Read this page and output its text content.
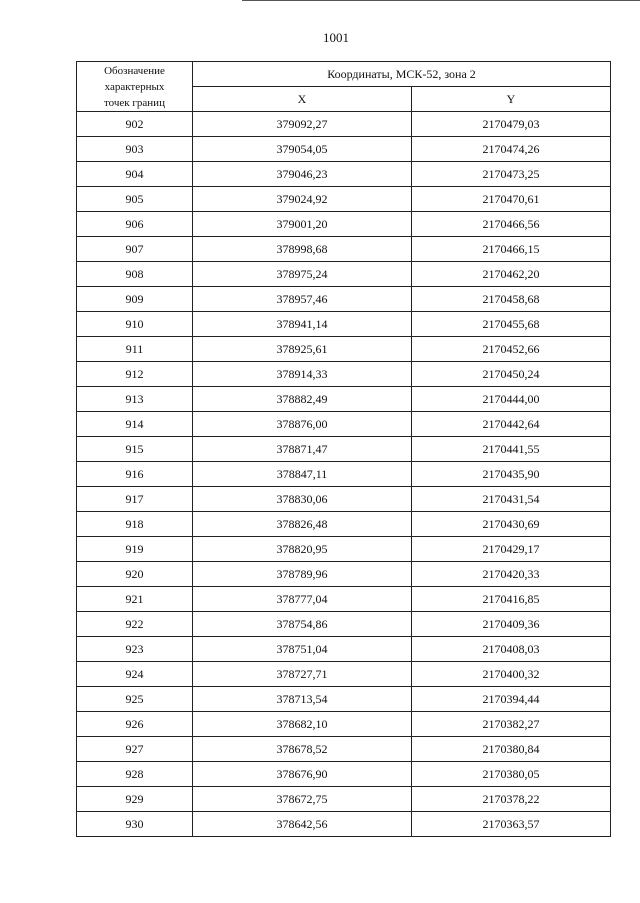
1001
Обозначение
характерных
точек границ	Координаты, МСК-52, зона 2	
	X	Y
902	379092,27	2170479,03
903	379054,05	2170474,26
904	379046,23	2170473,25
905	379024,92	2170470,61
906	379001,20	2170466,56
907	378998,68	2170466,15
908	378975,24	2170462,20
909	378957,46	2170458,68
910	378941,14	2170455,68
911	378925,61	2170452,66
912	378914,33	2170450,24
913	378882,49	2170444,00
914	378876,00	2170442,64
915	378871,47	2170441,55
916	378847,11	2170435,90
917	378830,06	2170431,54
918	378826,48	2170430,69
919	378820,95	2170429,17
920	378789,96	2170420,33
921	378777,04	2170416,85
922	378754,86	2170409,36
923	378751,04	2170408,03
924	378727,71	2170400,32
925	378713,54	2170394,44
926	378682,10	2170382,27
927	378678,52	2170380,84
928	378676,90	2170380,05
929	378672,75	2170378,22
930	378642,56	2170363,57
